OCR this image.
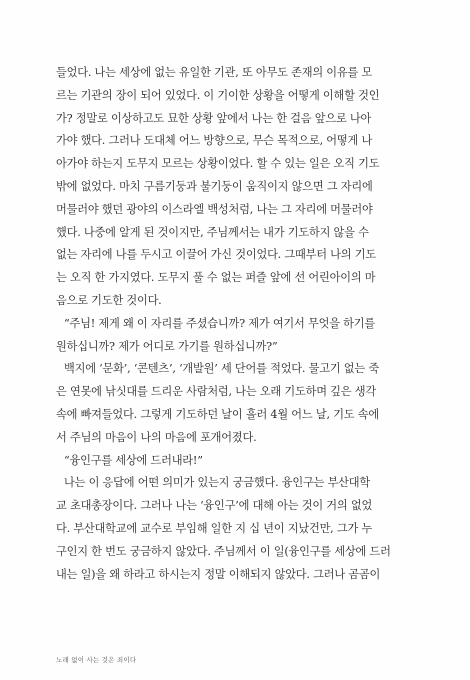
들었다. 나는 세상에 없는 유일한 기관, 또 아무도 존재의 이유를 모
르는 기관의 장이 되어 있었다. 이 기이한 상황을 어떻게 이해할 것인
가? 정말로 이상하고도 묘한 상황 앞에서 나는 한 걸음 앞으로 나아
가야 했다. 그러나 도대체 어느 방향으로, 무슨 목적으로, 어떻게 나
아가야 하는지 도무지 모르는 상황이었다. 할 수 있는 일은 오직 기도
밖에 없었다. 마치 구름기둥과 불기둥이 움직이지 않으면 그 자리에
머물러야 했던 광야의 이스라엘 백성처럼, 나는 그 자리에 머물러야
했다. 나중에 알게 된 것이지만, 주님께서는 내가 기도하지 않을 수
없는 자리에 나를 두시고 이끌어 가신 것이었다. 그때부터 나의 기도
는 오직 한 가지였다. 도무지 풀 수 없는 퍼즐 앞에 선 어린아이의 마
음으로 기도한 것이다.
“주님! 제게 왜 이 자리를 주셨습니까? 제가 여기서 무엇을 하기를
원하십니까? 제가 어디로 가기를 원하십니까?”
백지에 ‘문화’, ‘콘텐츠’, ‘개발원’ 세 단어를 적었다. 물고기 없는 죽
은 연못에 낚싯대를 드리운 사람처럼, 나는 오래 기도하며 깊은 생각
속에 빠져들었다. 그렇게 기도하던 날이 흘러 4월 어느 날, 기도 속에
서 주님의 마음이 나의 마음에 포개어졌다.
“융인구를 세상에 드러내라!”
나는 이 응답에 어떤 의미가 있는지 궁금했다. 융인구는 부산대학
교 초대총장이다. 그러나 나는 ‘융인구’에 대해 아는 것이 거의 없었
다. 부산대학교에 교수로 부임해 일한 지 십 년이 지났건만, 그가 누
구인지 한 번도 궁금하지 않았다. 주님께서 이 일(융인구를 세상에 드러
내는 일)을 왜 하라고 하시는지 정말 이해되지 않았다. 그러나 곰곰이
노래 없이 사는 것은 죄이다
